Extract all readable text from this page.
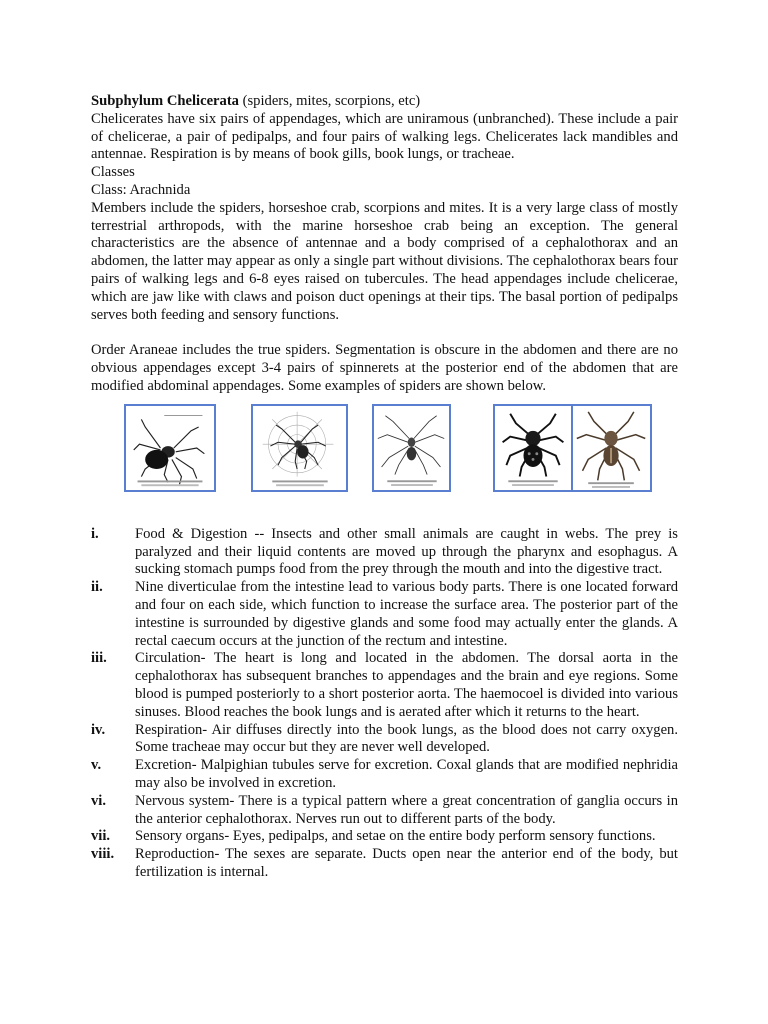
Subphylum Chelicerata (spiders, mites, scorpions, etc)

Chelicerates have six pairs of appendages, which are uniramous (unbranched). These include a pair of chelicerae, a pair of pedipalps, and four pairs of walking legs. Chelicerates lack mandibles and antennae. Respiration is by means of book gills, book lungs, or tracheae.

Classes

Class: Arachnida

Members include the spiders, horseshoe crab, scorpions and mites. It is a very large class of mostly terrestrial arthropods, with the marine horseshoe crab being an exception. The general characteristics are the absence of antennae and a body comprised of a cephalothorax and an abdomen, the latter may appear as only a single part without divisions. The cephalothorax bears four pairs of walking legs and 6-8 eyes raised on tubercules. The head appendages include chelicerae, which are jaw like with claws and poison duct openings at their tips. The basal portion of pedipalps serves both feeding and sensory functions.

Order Araneae includes the true spiders. Segmentation is obscure in the abdomen and there are no obvious appendages except 3-4 pairs of spinnerets at the posterior end of the abdomen that are modified abdominal appendages. Some examples of spiders are shown below.

i.	Food & Digestion -- Insects and other small animals are caught in webs. The prey is paralyzed and their liquid contents are moved up through the pharynx and esophagus. A sucking stomach pumps food from the prey through the mouth and into the digestive tract.
ii.	Nine diverticulae from the intestine lead to various body parts. There is one located forward and four on each side, which function to increase the surface area. The posterior part of the intestine is surrounded by digestive glands and some food may actually enter the glands. A rectal caecum occurs at the junction of the rectum and intestine.
iii.	Circulation- The heart is long and located in the abdomen. The dorsal aorta in the cephalothorax has subsequent branches to appendages and the brain and eye regions. Some blood is pumped posteriorly to a short posterior aorta. The haemocoel is divided into various sinuses. Blood reaches the book lungs and is aerated after which it returns to the heart.
iv.	Respiration- Air diffuses directly into the book lungs, as the blood does not carry oxygen. Some tracheae may occur but they are never well developed.
v.	Excretion- Malpighian tubules serve for excretion. Coxal glands that are modified nephridia may also be involved in excretion.
vi.	Nervous system- There is a typical pattern where a great concentration of ganglia occurs in the anterior cephalothorax. Nerves run out to different parts of the body.
vii.	Sensory organs- Eyes, pedipalps, and setae on the entire body perform sensory functions.
viii.	Reproduction- The sexes are separate. Ducts open near the anterior end of the body, but fertilization is internal.
